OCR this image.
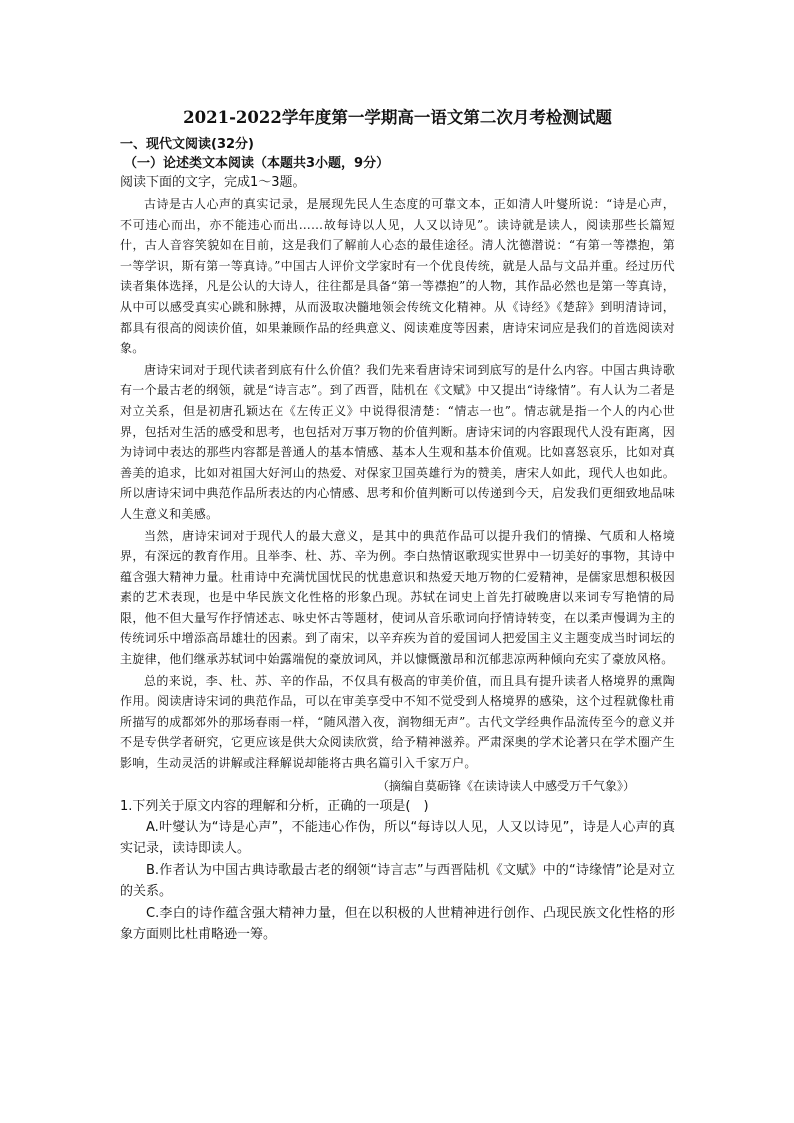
2021-2022学年度第一学期高一语文第二次月考检测试题
一、现代文阅读(32分)
（一）论述类文本阅读（本题共3小题，9分）
阅读下面的文字，完成1～3题。

古诗是古人心声的真实记录，是展现先民人生态度的可靠文本，正如清人叶燮所说：“诗是心声，不可违心而出，亦不能违心而出……故每诗以人见，人又以诗见”。读诗就是读人，阅读那些长篇短什，古人音容笑貌如在目前，这是我们了解前人心态的最佳途径。清人沈德潜说：“有第一等襟抱，第一等学识，斯有第一等真诗。”中国古人评价文学家时有一个优良传统，就是人品与文品并重。经过历代读者集体选择，凡是公认的大诗人，往往都是具备“第一等襟抱”的人物，其作品必然也是第一等真诗，从中可以感受真实心跳和脉搏，从而汲取决髓地领会传统文化精神。从《诗经》《楚辞》到明清诗词，都具有很高的阅读价值，如果兼顾作品的经典意义、阅读难度等因素，唐诗宋词应是我们的首选阅读对象。

唐诗宋词对于现代读者到底有什么价值？我们先来看唐诗宋词到底写的是什么内容。中国古典诗歌有一个最古老的纲领，就是“诗言志”。到了西晋，陆机在《文赋》中又提出“诗缘情”。有人认为二者是对立关系，但是初唐孔颖达在《左传正义》中说得很清楚：“情志一也”。情志就是指一个人的内心世界，包括对生活的感受和思考，也包括对万事万物的价值判断。唐诗宋词的内容跟现代人没有距离，因为诗词中表达的那些内容都是普通人的基本情感、基本人生观和基本价值观。比如喜怒哀乐，比如对真善美的追求，比如对祖国大好河山的热爱、对保家卫国英雄行为的赞美，唐宋人如此，现代人也如此。所以唐诗宋词中典范作品所表达的内心情感、思考和价值判断可以传递到今天，启发我们更细致地品味人生意义和美感。

当然，唐诗宋词对于现代人的最大意义，是其中的典范作品可以提升我们的情操、气质和人格境界，有深远的教育作用。且举李、杜、苏、辛为例。李白热情讴歌现实世界中一切美好的事物，其诗中蕴含强大精神力量。杜甫诗中充满忧国忧民的忧患意识和热爱天地万物的仁爱精神，是儒家思想积极因素的艺术表现，也是中华民族文化性格的形象凸现。苏轼在词史上首先打破晚唐以来词专写艳情的局限，他不但大量写作抒情述志、咏史怀古等题材，使词从音乐歌词向抒情诗转变，在以柔声慢调为主的传统词乐中增添高昂雄壮的因素。到了南宋，以辛弃疾为首的爱国词人把爱国主义主题变成当时词坛的主旋律，他们继承苏轼词中始露端倪的豪放词风，并以慷慨激昂和沉郁悲凉两种倾向充实了豪放风格。

总的来说，李、杜、苏、辛的作品，不仅具有极高的审美价值，而且具有提升读者人格境界的熏陶作用。阅读唐诗宋词的典范作品，可以在审美享受中不知不觉受到人格境界的感染，这个过程就像杜甫所描写的成都郊外的那场春雨一样，“随风潜入夜，润物细无声”。古代文学经典作品流传至今的意义并不是专供学者研究，它更应该是供大众阅读欣赏，给予精神滋养。严肃深奥的学术论著只在学术圈产生影响，生动灵活的讲解或注释解说却能将古典名篇引入千家万户。

（摘编自莫砺锋《在读诗读人中感受万千气象》）
1.下列关于原文内容的理解和分析，正确的一项是(　)
A.叶燮认为“诗是心声”，不能违心作伪，所以“每诗以人见，人又以诗见”，诗是人心声的真实记录，读诗即读人。
B.作者认为中国古典诗歌最古老的纲领“诗言志”与西晋陆机《文赋》中的“诗缘情”论是对立的关系。
C.李白的诗作蕴含强大精神力量，但在以积极的人世精神进行创作、凸现民族文化性格的形象方面则比杜甫略逊一筹。
